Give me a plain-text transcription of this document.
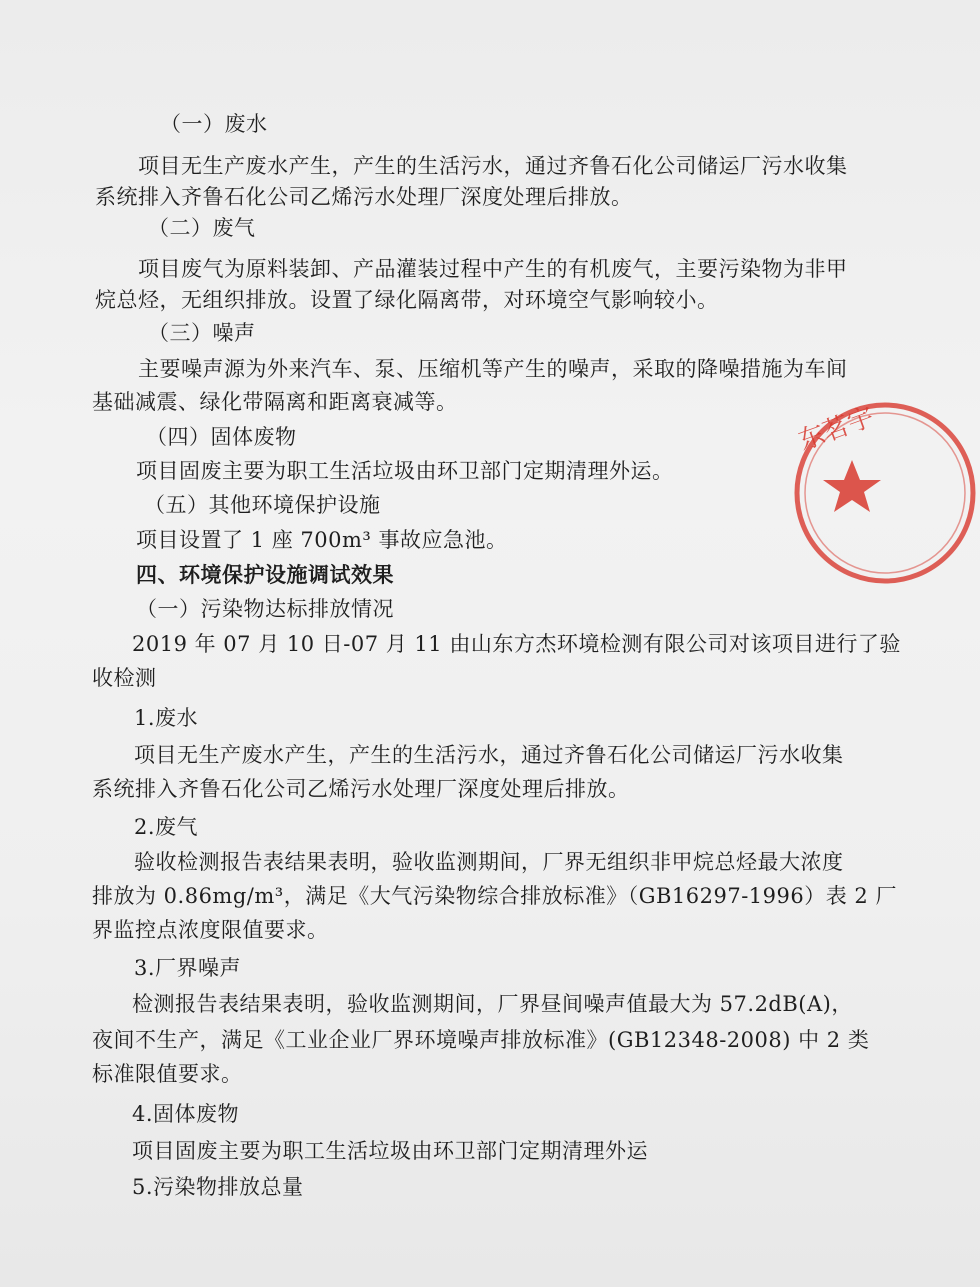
（一）废水
项目无生产废水产生，产生的生活污水，通过齐鲁石化公司储运厂污水收集
系统排入齐鲁石化公司乙烯污水处理厂深度处理后排放。
（二）废气
项目废气为原料装卸、产品灌装过程中产生的有机废气，主要污染物为非甲
烷总烃，无组织排放。设置了绿化隔离带，对环境空气影响较小。
（三）噪声
主要噪声源为外来汽车、泵、压缩机等产生的噪声，采取的降噪措施为车间
基础减震、绿化带隔离和距离衰减等。
（四）固体废物
项目固废主要为职工生活垃圾由环卫部门定期清理外运。
（五）其他环境保护设施
项目设置了 1 座 700m³ 事故应急池。
四、环境保护设施调试效果
（一）污染物达标排放情况
2019 年 07 月 10 日-07 月 11 由山东方杰环境检测有限公司对该项目进行了验
收检测
1.废水
项目无生产废水产生，产生的生活污水，通过齐鲁石化公司储运厂污水收集
系统排入齐鲁石化公司乙烯污水处理厂深度处理后排放。
2.废气
验收检测报告表结果表明，验收监测期间，厂界无组织非甲烷总烃最大浓度
排放为 0.86mg/m³，满足《大气污染物综合排放标准》（GB16297-1996）表 2 厂
界监控点浓度限值要求。
3.厂界噪声
检测报告表结果表明，验收监测期间，厂界昼间噪声值最大为 57.2dB(A)，
夜间不生产，满足《工业企业厂界环境噪声排放标准》(GB12348-2008) 中 2 类
标准限值要求。
4.固体废物
项目固废主要为职工生活垃圾由环卫部门定期清理外运
5.污染物排放总量
东茗宇
